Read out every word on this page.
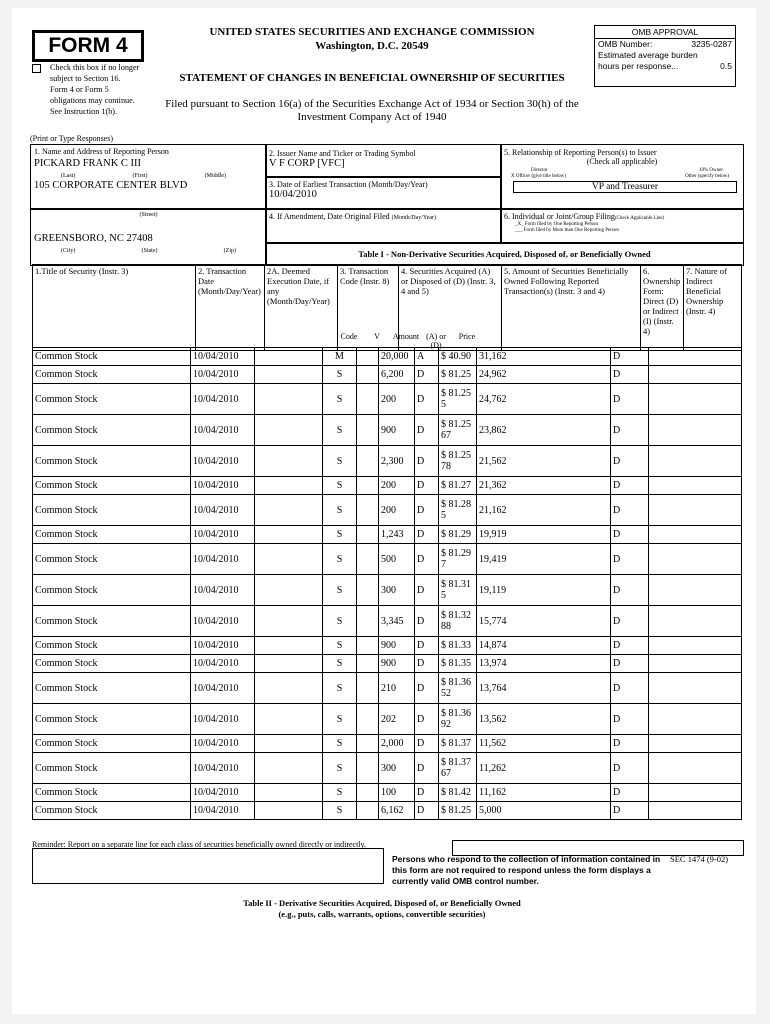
FORM 4
Check this box if no longer subject to Section 16. Form 4 or Form 5 obligations may continue. See Instruction 1(b).
UNITED STATES SECURITIES AND EXCHANGE COMMISSION
Washington, D.C. 20549
STATEMENT OF CHANGES IN BENEFICIAL OWNERSHIP OF SECURITIES
Filed pursuant to Section 16(a) of the Securities Exchange Act of 1934 or Section 30(h) of the Investment Company Act of 1940
OMB APPROVAL
OMB Number:	3235-0287
Estimated average burden
hours per response...	0.5
(Print or Type Responses)
1. Name and Address of Reporting Person
PICKARD FRANK C III
(Last)	(First)	(Middle)
105 CORPORATE CENTER BLVD
(Street)
GREENSBORO, NC 27408
(City)	(State)	(Zip)
2. Issuer Name and Ticker or Trading Symbol
V F CORP [VFC]
3. Date of Earliest Transaction (Month/Day/Year)
10/04/2010
4. If Amendment, Date Original Filed (Month/Day/Year)
5. Relationship of Reporting Person(s) to Issuer
(Check all applicable)
Director	10% Owner
X Officer (give title below)	Other (specify below)
VP and Treasurer
6. Individual or Joint/Group Filing(Check Applicable Line)
_X_ Form filed by One Reporting Person
___ Form filed by More than One Reporting Person
Table I - Non-Derivative Securities Acquired, Disposed of, or Beneficially Owned
1.Title of Security (Instr. 3)	2. Transaction Date (Month/Day/Year)	2A. Deemed Execution Date, if any (Month/Day/Year)	3. Transaction Code (Instr. 8)	4. Securities Acquired (A) or Disposed of (D) (Instr. 3, 4 and 5)	5. Amount of Securities Beneficially Owned Following Reported Transaction(s) (Instr. 3 and 4)	6. Ownership Form: Direct (D) or Indirect (I) (Instr. 4)	7. Nature of Indirect Beneficial Ownership (Instr. 4)
Common Stock	10/04/2010		M		20,000	A	$ 40.90	31,162	D	
Common Stock	10/04/2010		S		6,200	D	$ 81.25	24,962	D	
Common Stock	10/04/2010		S		200	D	$ 81.255	24,762	D	
Common Stock	10/04/2010		S		900	D	$ 81.2567	23,862	D	
Common Stock	10/04/2010		S		2,300	D	$ 81.2578	21,562	D	
Common Stock	10/04/2010		S		200	D	$ 81.27	21,362	D	
Common Stock	10/04/2010		S		200	D	$ 81.285	21,162	D	
Common Stock	10/04/2010		S		1,243	D	$ 81.29	19,919	D	
Common Stock	10/04/2010		S		500	D	$ 81.297	19,419	D	
Common Stock	10/04/2010		S		300	D	$ 81.315	19,119	D	
Common Stock	10/04/2010		S		3,345	D	$ 81.3288	15,774	D	
Common Stock	10/04/2010		S		900	D	$ 81.33	14,874	D	
Common Stock	10/04/2010		S		900	D	$ 81.35	13,974	D	
Common Stock	10/04/2010		S		210	D	$ 81.3652	13,764	D	
Common Stock	10/04/2010		S		202	D	$ 81.3692	13,562	D	
Common Stock	10/04/2010		S		2,000	D	$ 81.37	11,562	D	
Common Stock	10/04/2010		S		300	D	$ 81.3767	11,262	D	
Common Stock	10/04/2010		S		100	D	$ 81.42	11,162	D	
Common Stock	10/04/2010		S		6,162	D	$ 81.25	5,000	D	
Reminder: Report on a separate line for each class of securities beneficially owned directly or indirectly.
Persons who respond to the collection of information contained in this form are not required to respond unless the form displays a currently valid OMB control number.
SEC 1474 (9-02)
Table II - Derivative Securities Acquired, Disposed of, or Beneficially Owned
(e.g., puts, calls, warrants, options, convertible securities)
Code	V	Amount (A) or (D)
Price
